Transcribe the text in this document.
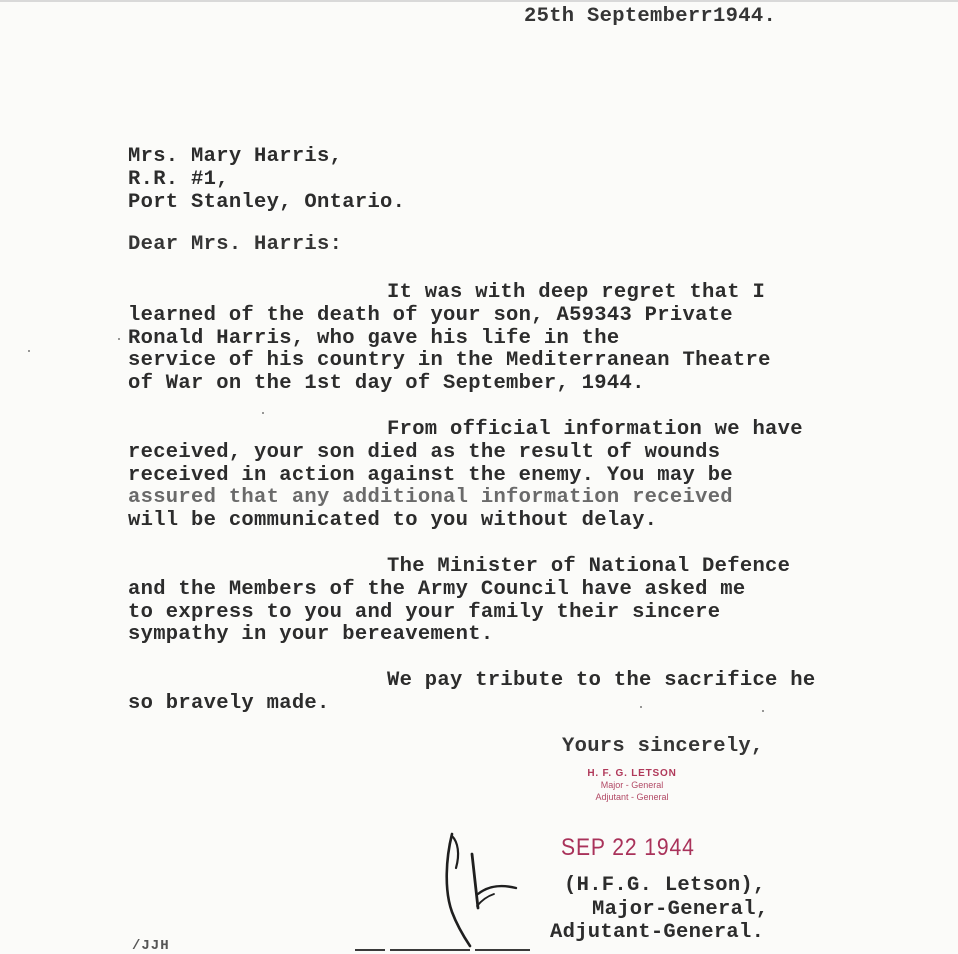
25th Septemberr1944.
Mrs. Mary Harris,
R.R. #1,
Port Stanley, Ontario.
Dear Mrs. Harris:
It was with deep regret that I
learned of the death of your son, A59343 Private
Ronald Harris, who gave his life in the
service of his country in the Mediterranean Theatre
of War on the 1st day of September, 1944.
From official information we have
received, your son died as the result of wounds
received in action against the enemy. You may be
assured that any additional information received
will be communicated to you without delay.
The Minister of National Defence
and the Members of the Army Council have asked me
to express to you and your family their sincere
sympathy in your bereavement.
We pay tribute to the sacrifice he
so bravely made.
Yours sincerely,
H. F. G. LETSON
Major - General
Adjutant - General
SEP 22 1944
(H.F.G. Letson),
Major-General,
Adjutant-General.
/JJH
